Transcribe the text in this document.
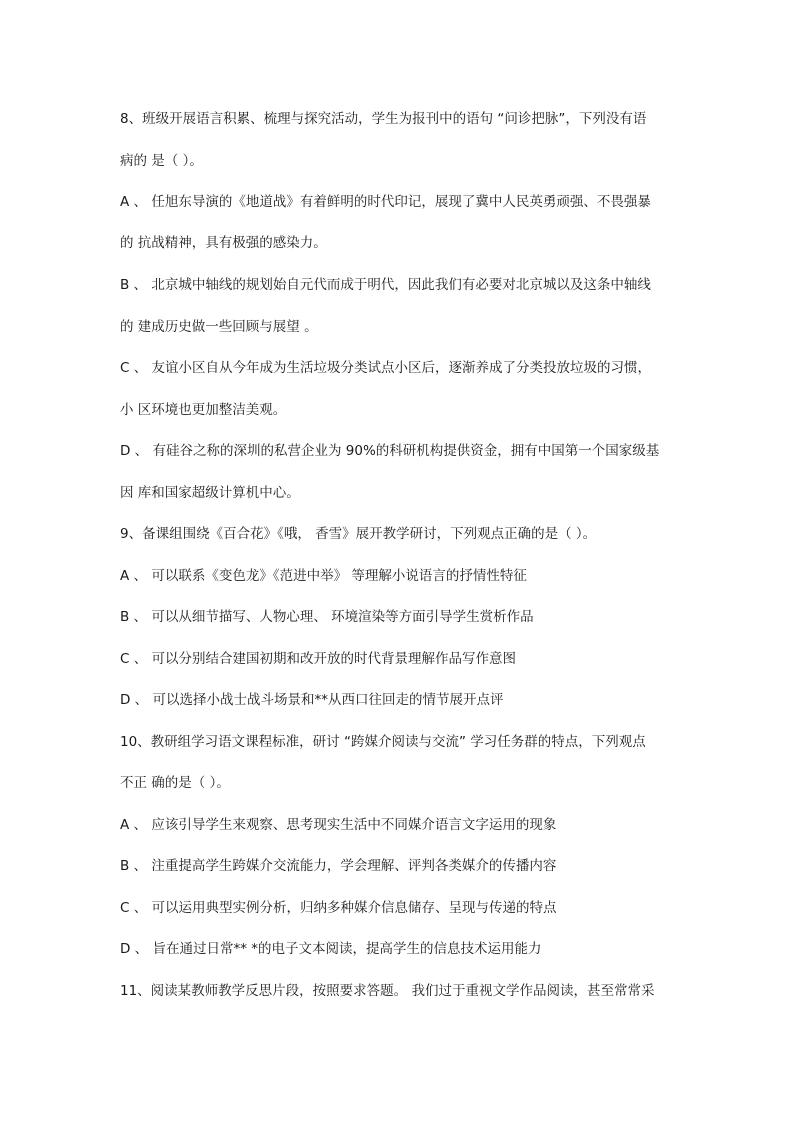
8、班级开展语言积累、梳理与探究活动，学生为报刊中的语句 “问诊把脉”，下列没有语
病的 是（ ）。
A 、 任旭东导演的《地道战》有着鲜明的时代印记，展现了冀中人民英勇顽强、不畏强暴
的 抗战精神，具有极强的感染力。
B 、 北京城中轴线的规划始自元代而成于明代，因此我们有必要对北京城以及这条中轴线
的 建成历史做一些回顾与展望 。
C 、 友谊小区自从今年成为生活垃圾分类试点小区后，逐渐养成了分类投放垃圾的习惯，
小 区环境也更加整洁美观。
D 、 有硅谷之称的深圳的私营企业为 90%的科研机构提供资金，拥有中国第一个国家级基
因 库和国家超级计算机中心。
9、备课组围绕《百合花》《哦， 香雪》展开教学研讨，下列观点正确的是（ ）。
A 、 可以联系《变色龙》《范进中举》 等理解小说语言的抒情性特征
B 、 可以从细节描写、人物心理、 环境渲染等方面引导学生赏析作品
C 、 可以分别结合建国初期和改开放的时代背景理解作品写作意图
D 、 可以选择小战士战斗场景和**从西口往回走的情节展开点评
10、教研组学习语文课程标准，研讨 “跨媒介阅读与交流” 学习任务群的特点，下列观点
不正 确的是（ ）。
A 、 应该引导学生来观察、思考现实生活中不同媒介语言文字运用的现象
B 、 注重提高学生跨媒介交流能力，学会理解、评判各类媒介的传播内容
C 、 可以运用典型实例分析，归纳多种媒介信息储存、呈现与传递的特点
D 、 旨在通过日常** *的电子文本阅读，提高学生的信息技术运用能力
11、阅读某教师教学反思片段，按照要求答题。 我们过于重视文学作品阅读，甚至常常采
